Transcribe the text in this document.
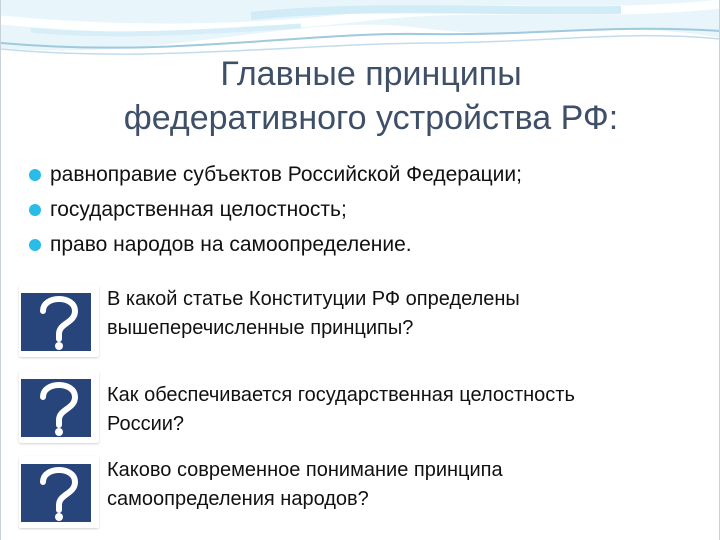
Главные принципы
федеративного устройства РФ:
равноправие субъектов Российской Федерации;
государственная целостность;
право народов на самоопределение.
В какой статье Конституции РФ определены
вышеперечисленные принципы?
Как обеспечивается государственная целостность
России?
Каково современное понимание принципа
самоопределения народов?
